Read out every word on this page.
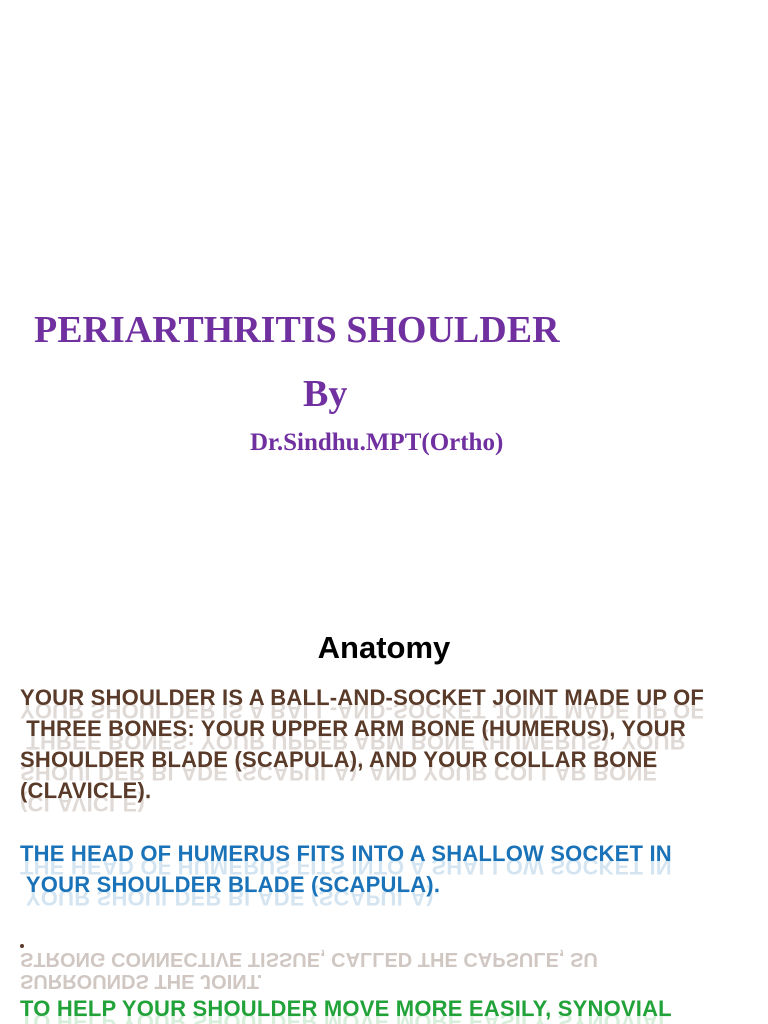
PERIARTHRITIS SHOULDER
By
Dr.Sindhu.MPT(Ortho)
Anatomy
YOUR SHOULDER IS A BALL-AND-SOCKET JOINT MADE UP OF YOUR SHOULDER IS A BALL-AND-SOCKET JOINT MADE UP OF
THREE BONES: YOUR UPPER ARM BONE (HUMERUS), YOUR THREE BONES: YOUR UPPER ARM BONE (HUMERUS), YOUR
SHOULDER BLADE (SCAPULA), AND YOUR COLLAR BONE SHOULDER BLADE (SCAPULA), AND YOUR COLLAR BONE
(CLAVICLE). (CLAVICLE).
THE HEAD OF HUMERUS FITS INTO A SHALLOW SOCKET IN THE HEAD OF HUMERUS FITS INTO A SHALLOW SOCKET IN
YOUR SHOULDER BLADE (SCAPULA). YOUR SHOULDER BLADE (SCAPULA).
SURROUNDS THE JOINT.
STRONG CONNECTIVE TISSUE, CALLED THE CAPSULE, SU
TO HELP YOUR SHOULDER MOVE MORE EASILY, SYNOVIAL TO HELP YOUR SHOULDER MOVE MORE EASILY, SYNOVIAL
